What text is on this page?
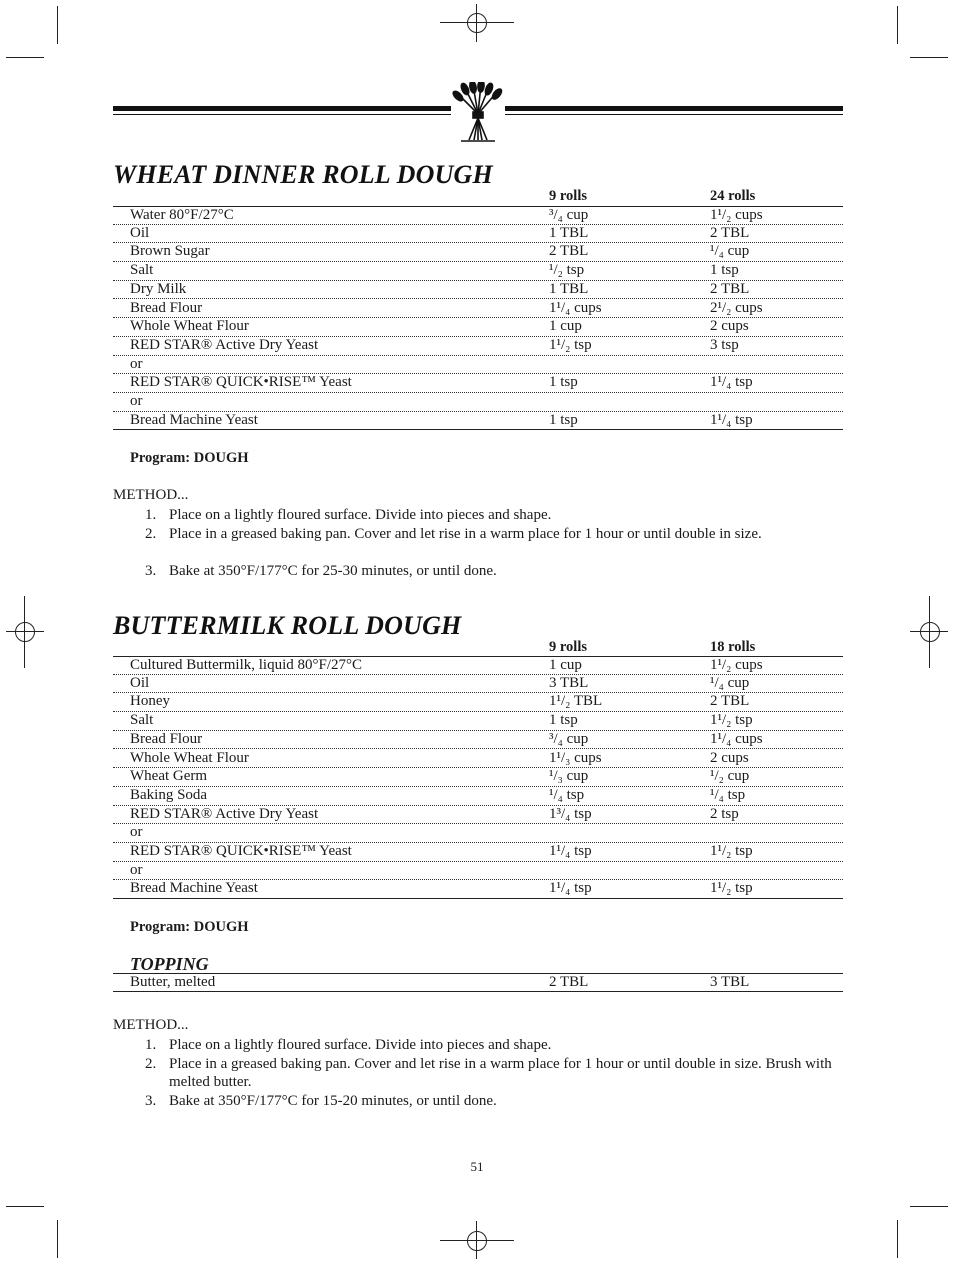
WHEAT DINNER ROLL DOUGH
9 rolls	24 rolls
Water 80°F/27°C	³/₄ cup	1¹/₂ cups
Oil	1 TBL	2 TBL
Brown Sugar	2 TBL	¹/₄ cup
Salt	¹/₂ tsp	1 tsp
Dry Milk	1 TBL	2 TBL
Bread Flour	1¹/₄ cups	2¹/₂ cups
Whole Wheat Flour	1 cup	2 cups
RED STAR® Active Dry Yeast	1¹/₂ tsp	3 tsp
or
RED STAR® QUICK•RISE™ Yeast	1 tsp	1¹/₄ tsp
or
Bread Machine Yeast	1 tsp	1¹/₄ tsp
Program: DOUGH
METHOD...
1. Place on a lightly floured surface. Divide into pieces and shape.
2. Place in a greased baking pan. Cover and let rise in a warm place for 1 hour or until double in size.
3. Bake at 350°F/177°C for 25-30 minutes, or until done.
BUTTERMILK ROLL DOUGH
9 rolls	18 rolls
Cultured Buttermilk, liquid 80°F/27°C	1 cup	1¹/₂ cups
Oil	3 TBL	¹/₄ cup
Honey	1¹/₂ TBL	2 TBL
Salt	1 tsp	1¹/₂ tsp
Bread Flour	³/₄ cup	1¹/₄ cups
Whole Wheat Flour	1¹/₃ cups	2 cups
Wheat Germ	¹/₃ cup	¹/₂ cup
Baking Soda	¹/₄ tsp	¹/₄ tsp
RED STAR® Active Dry Yeast	1³/₄ tsp	2 tsp
or
RED STAR® QUICK•RISE™ Yeast	1¹/₄ tsp	1¹/₂ tsp
or
Bread Machine Yeast	1¹/₄ tsp	1¹/₂ tsp
Program: DOUGH
TOPPING
Butter, melted	2 TBL	3 TBL
METHOD...
1. Place on a lightly floured surface. Divide into pieces and shape.
2. Place in a greased baking pan. Cover and let rise in a warm place for 1 hour or until double in size. Brush with melted butter.
3. Bake at 350°F/177°C for 15-20 minutes, or until done.
51
